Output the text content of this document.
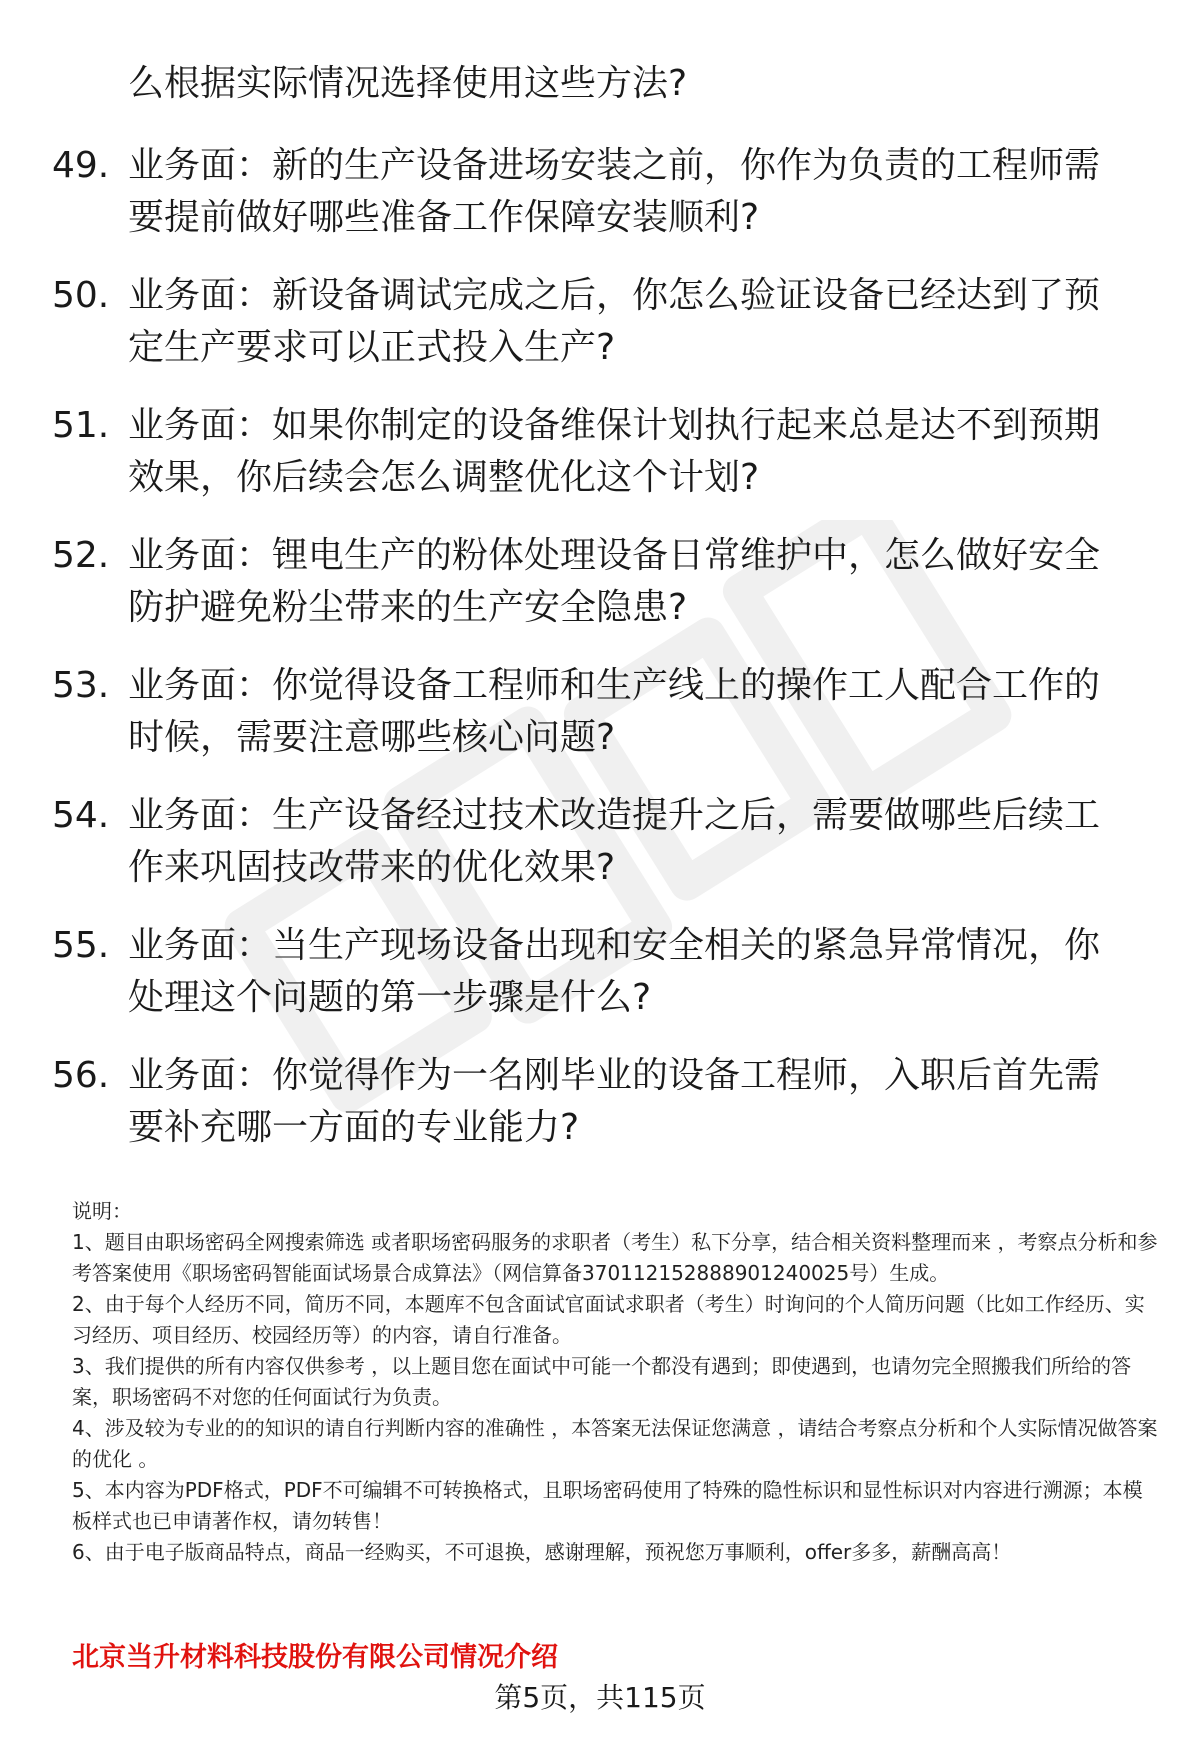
么根据实际情况选择使用这些方法?

49. 业务面：新的生产设备进场安装之前，你作为负责的工程师需要提前做好哪些准备工作保障安装顺利?
50. 业务面：新设备调试完成之后，你怎么验证设备已经达到了预定生产要求可以正式投入生产?
51. 业务面：如果你制定的设备维保计划执行起来总是达不到预期效果，你后续会怎么调整优化这个计划?
52. 业务面：锂电生产的粉体处理设备日常维护中，怎么做好安全防护避免粉尘带来的生产安全隐患?
53. 业务面：你觉得设备工程师和生产线上的操作工人配合工作的时候，需要注意哪些核心问题?
54. 业务面：生产设备经过技术改造提升之后，需要做哪些后续工作来巩固技改带来的优化效果?
55. 业务面：当生产现场设备出现和安全相关的紧急异常情况，你处理这个问题的第一步骤是什么?
56. 业务面：你觉得作为一名刚毕业的设备工程师，入职后首先需要补充哪一方面的专业能力?

说明：

1、题目由职场密码全网搜索筛选 或者职场密码服务的求职者（考生）私下分享，结合相关资料整理而来 ，考察点分析和参考答案使用《职场密码智能面试场景合成算法》（网信算备370112152888901240025号）生成。

2、由于每个人经历不同，简历不同，本题库不包含面试官面试求职者（考生）时询问的个人简历问题（比如工作经历、实习经历、项目经历、校园经历等）的内容，请自行准备。

3、我们提供的所有内容仅供参考 ，以上题目您在面试中可能一个都没有遇到；即使遇到，也请勿完全照搬我们所给的答案，职场密码不对您的任何面试行为负责。

4、涉及较为专业的的知识的请自行判断内容的准确性 ，本答案无法保证您满意 ，请结合考察点分析和个人实际情况做答案的优化 。

5、本内容为PDF格式，PDF不可编辑不可转换格式，且职场密码使用了特殊的隐性标识和显性标识对内容进行溯源；本模板样式也已申请著作权，请勿转售！

6、由于电子版商品特点，商品一经购买，不可退换，感谢理解，预祝您万事顺利，offer多多，薪酬高高！

北京当升材料科技股份有限公司情况介绍

第5页，共115页
